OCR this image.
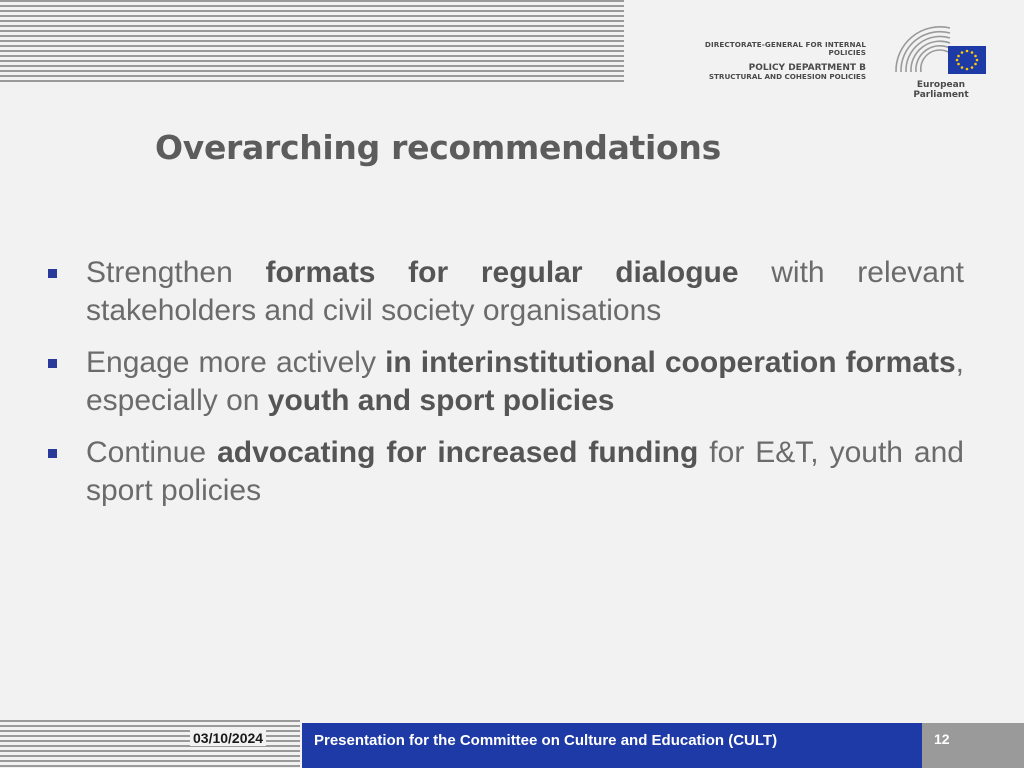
DIRECTORATE-GENERAL FOR INTERNAL POLICIES
POLICY DEPARTMENT B
STRUCTURAL AND COHESION POLICIES
European Parliament
Overarching recommendations
Strengthen formats for regular dialogue with relevant stakeholders and civil society organisations
Engage more actively in interinstitutional cooperation formats, especially on youth and sport policies
Continue advocating for increased funding for E&T, youth and sport policies
03/10/2024	Presentation for the Committee on Culture and Education (CULT)	12
